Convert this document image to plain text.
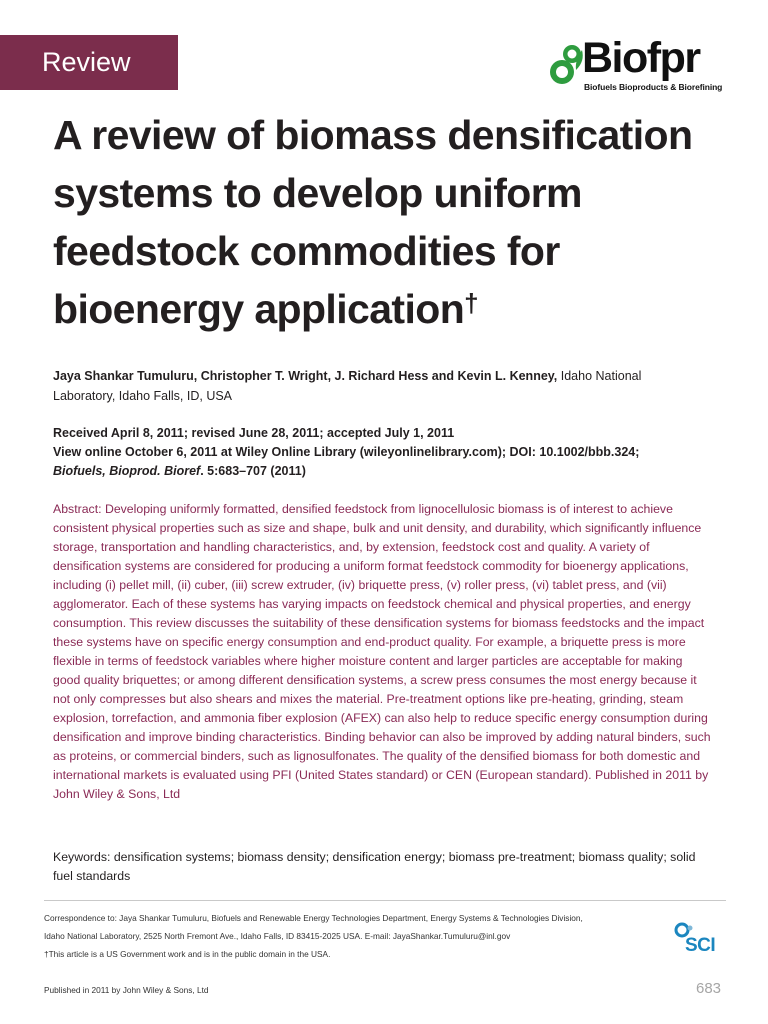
Review	Biofpr
Biofuels Bioproducts & Biorefining
A review of biomass densification systems to develop uniform feedstock commodities for bioenergy application†
Jaya Shankar Tumuluru, Christopher T. Wright, J. Richard Hess and Kevin L. Kenney, Idaho National Laboratory, Idaho Falls, ID, USA
Received April 8, 2011; revised June 28, 2011; accepted July 1, 2011
View online October 6, 2011 at Wiley Online Library (wileyonlinelibrary.com); DOI: 10.1002/bbb.324;
Biofuels, Bioprod. Bioref. 5:683–707 (2011)

Abstract: Developing uniformly formatted, densified feedstock from lignocellulosic biomass is of interest to achieve consistent physical properties such as size and shape, bulk and unit density, and durability, which significantly influence storage, transportation and handling characteristics, and, by extension, feedstock cost and quality. A variety of densification systems are considered for producing a uniform format feedstock commodity for bioenergy applications, including (i) pellet mill, (ii) cuber, (iii) screw extruder, (iv) briquette press, (v) roller press, (vi) tablet press, and (vii) agglomerator. Each of these systems has varying impacts on feedstock chemical and physical properties, and energy consumption. This review discusses the suitability of these densification systems for biomass feedstocks and the impact these systems have on specific energy consumption and end-product quality. For example, a briquette press is more flexible in terms of feedstock variables where higher moisture content and larger particles are acceptable for making good quality briquettes; or among different densification systems, a screw press consumes the most energy because it not only compresses but also shears and mixes the material. Pre-treatment options like pre-heating, grinding, steam explosion, torrefaction, and ammonia fiber explosion (AFEX) can also help to reduce specific energy consumption during densification and improve binding characteristics. Binding behavior can also be improved by adding natural binders, such as proteins, or commercial binders, such as lignosulfonates. The quality of the densified biomass for both domestic and international markets is evaluated using PFI (United States standard) or CEN (European standard). Published in 2011 by John Wiley & Sons, Ltd

Keywords: densification systems; biomass density; densification energy; biomass pre-treatment; biomass quality; solid fuel standards

Correspondence to: Jaya Shankar Tumuluru, Biofuels and Renewable Energy Technologies Department, Energy Systems & Technologies Division,
Idaho National Laboratory, 2525 North Fremont Ave., Idaho Falls, ID 83415-2025 USA. E-mail: JayaShankar.Tumuluru@inl.gov
†This article is a US Government work and is in the public domain in the USA.	SCI
Published in 2011 by John Wiley & Sons, Ltd	683
